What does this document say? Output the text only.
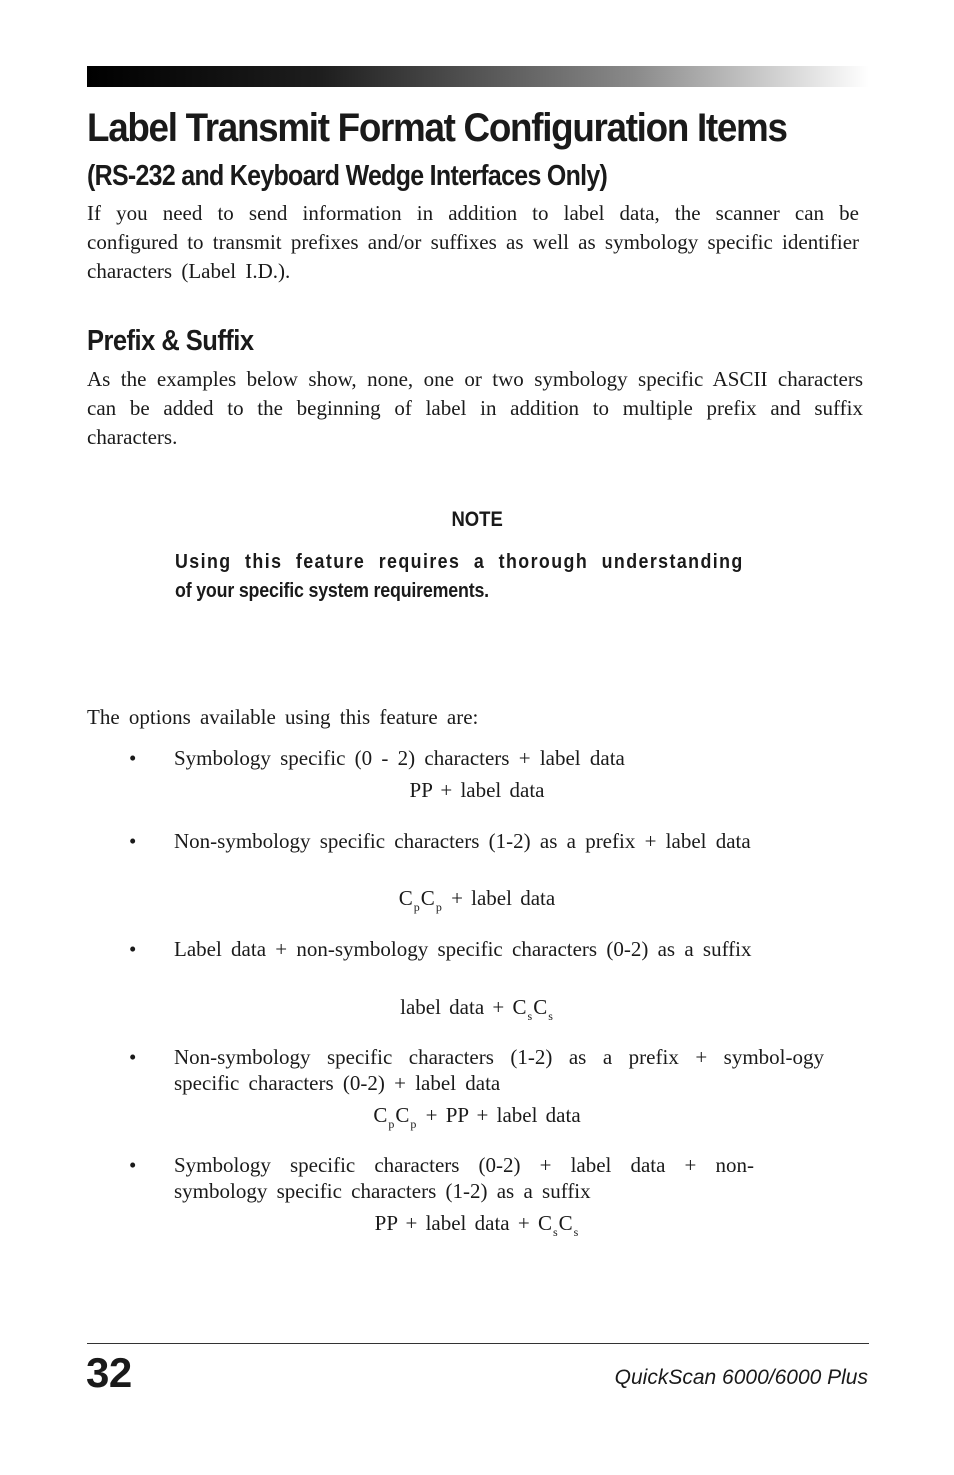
Label Transmit Format Configuration Items
(RS-232 and Keyboard Wedge Interfaces Only)

If you need to send information in addition to label data, the scanner can be configured to transmit prefixes and/or suffixes as well as symbology specific identifier characters (Label I.D.).

Prefix & Suffix

As the examples below show, none, one or two symbology specific ASCII characters can be added to the beginning of label in addition to multiple prefix and suffix characters.

NOTE
Using this feature requires a thorough understanding
of your specific system requirements.

The options available using this feature are:

• Symbology specific (0 - 2) characters + label data
PP + label data
• Non-symbology specific characters (1-2) as a prefix + label data
$C_pC_p$ + label data
• Label data + non-symbology specific characters (0-2) as a suffix
label data + $C_sC_s$
• Non-symbology specific characters (1-2) as a prefix + symbol-ogy specific characters (0-2) + label data
$C_pC_p$ + PP + label data
• Symbology specific characters (0-2) + label data + non-symbology specific characters (1-2) as a suffix
PP + label data + $C_sC_s$
32	QuickScan 6000/6000 Plus
